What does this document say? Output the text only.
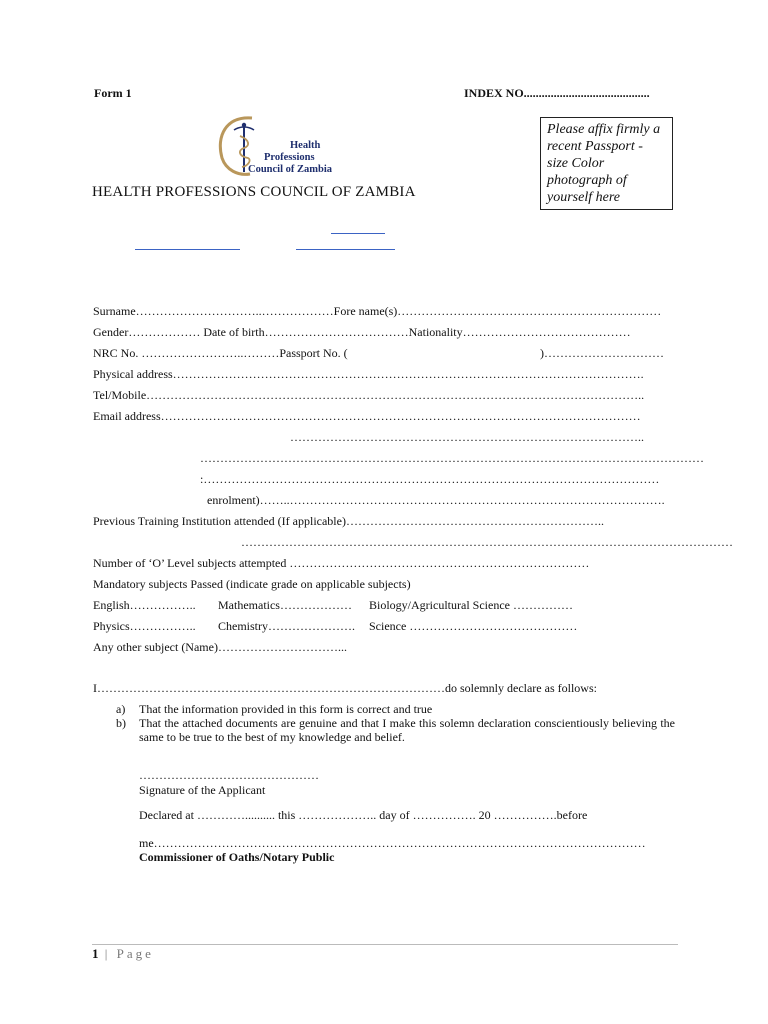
Form 1	INDEX NO..........................................
Health
Professions
Council of Zambia
HEALTH PROFESSIONS COUNCIL OF ZAMBIA
Please affix firmly a recent Passport - size Color photograph of yourself here
Surname…………………………..………………Fore name(s)…………………………………………………………
Gender……………… Date of birth………………………………Nationality……………………………………
NRC No. ……………………..………Passport No. (	)…………………………
Physical address……………………………………………………………………………………………………….
Tel/Mobile……………………………………………………………………………………………………………..
Email address…………………………………………………………………………………………………………
……………………………………………………………………………..
………………………………………………………………………………………………………………
:……………………………………………………………………………………………………
enrolment)……..………………………………………………………………………………….
Previous Training Institution attended (If applicable)………………………………………………………..
……………………………………………………………………………………………………………
Number of ‘O’ Level subjects attempted …………………………………………………………………
Mandatory subjects Passed (indicate grade on applicable subjects)
English…………….. Mathematics……………… Biology/Agricultural Science ……………
Physics…………….. Chemistry…………………. Science ……………………………………
Any other subject (Name)…………………………...
I……………………………………………………………………………do solemnly declare as follows:
a) That the information provided in this form is correct and true
b) That the attached documents are genuine and that I make this solemn declaration conscientiously believing the same to be true to the best of my knowledge and belief.
………………………………………
Signature of the Applicant
Declared at ………….......... this ……………….. day of ……………. 20 …………….before
me……………………………………………………………………………………………………………
Commissioner of Oaths/Notary Public
1 | Page
